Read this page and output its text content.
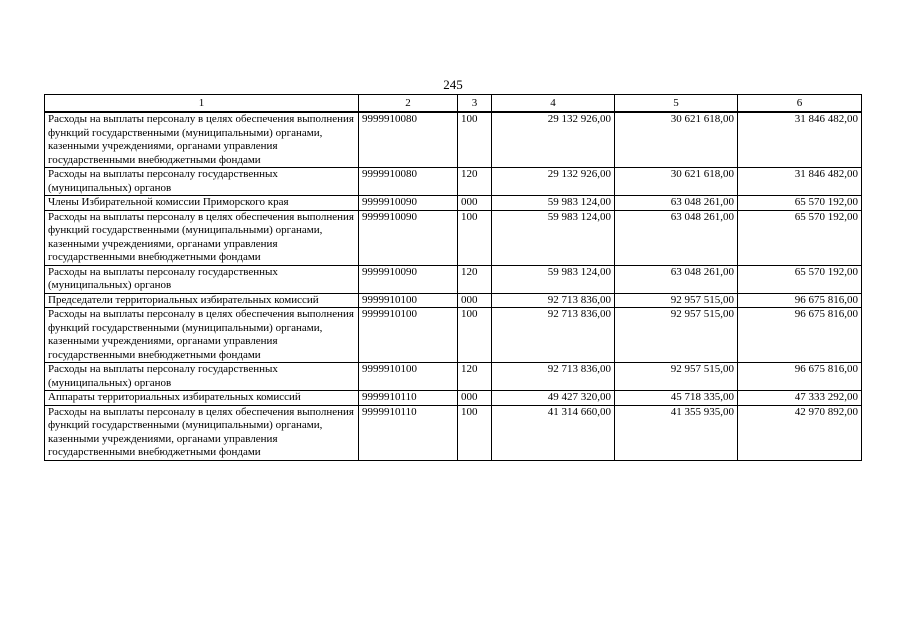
245
1	2	3	4	5	6
Расходы на выплаты персоналу в целях обеспечения выполнения функций государственными (муниципальными) органами, казенными учреждениями, органами управления государственными внебюджетными фондами	9999910080	100	29 132 926,00	30 621 618,00	31 846 482,00
Расходы на выплаты персоналу государственных (муниципальных) органов	9999910080	120	29 132 926,00	30 621 618,00	31 846 482,00
Члены Избирательной комиссии Приморского края	9999910090	000	59 983 124,00	63 048 261,00	65 570 192,00
Расходы на выплаты персоналу в целях обеспечения выполнения функций государственными (муниципальными) органами, казенными учреждениями, органами управления государственными внебюджетными фондами	9999910090	100	59 983 124,00	63 048 261,00	65 570 192,00
Расходы на выплаты персоналу государственных (муниципальных) органов	9999910090	120	59 983 124,00	63 048 261,00	65 570 192,00
Председатели территориальных избирательных комиссий	9999910100	000	92 713 836,00	92 957 515,00	96 675 816,00
Расходы на выплаты персоналу в целях обеспечения выполнения функций государственными (муниципальными) органами, казенными учреждениями, органами управления государственными внебюджетными фондами	9999910100	100	92 713 836,00	92 957 515,00	96 675 816,00
Расходы на выплаты персоналу государственных (муниципальных) органов	9999910100	120	92 713 836,00	92 957 515,00	96 675 816,00
Аппараты территориальных избирательных комиссий	9999910110	000	49 427 320,00	45 718 335,00	47 333 292,00
Расходы на выплаты персоналу в целях обеспечения выполнения функций государственными (муниципальными) органами, казенными учреждениями, органами управления государственными внебюджетными фондами	9999910110	100	41 314 660,00	41 355 935,00	42 970 892,00
